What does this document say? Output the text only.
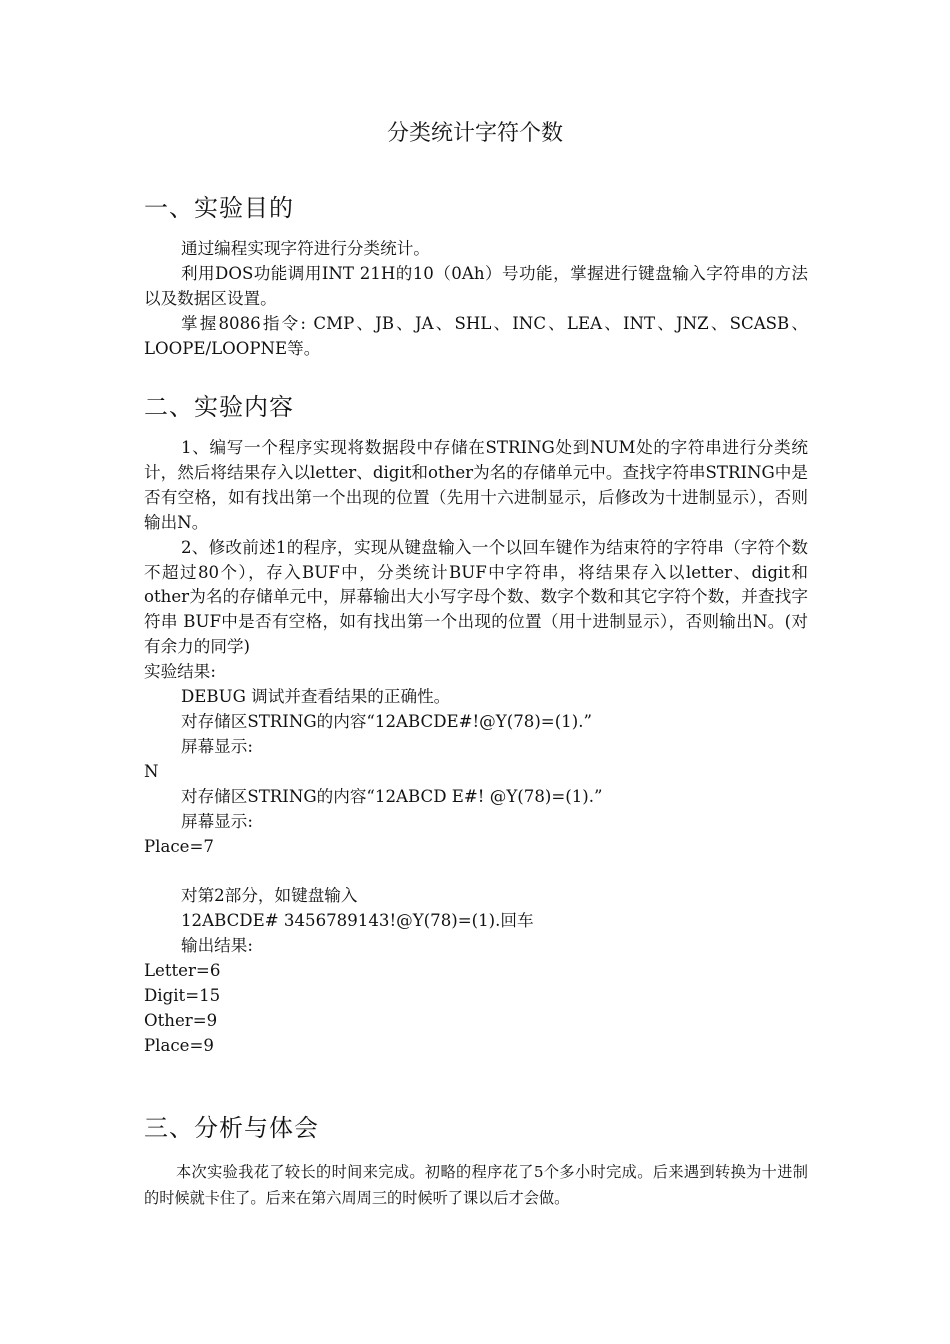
分类统计字符个数
一、实验目的

通过编程实现字符进行分类统计。

利用DOS功能调用INT 21H的10（0Ah）号功能，掌握进行键盘输入字符串的方法以及数据区设置。

掌握8086指令: CMP、JB、JA、SHL、INC、LEA、INT、JNZ、SCASB、LOOPE/LOOPNE等。

二、实验内容

1、编写一个程序实现将数据段中存储在STRING处到NUM处的字符串进行分类统计，然后将结果存入以letter、digit和other为名的存储单元中。查找字符串STRING中是否有空格，如有找出第一个出现的位置（先用十六进制显示，后修改为十进制显示），否则输出N。

2、修改前述1的程序，实现从键盘输入一个以回车键作为结束符的字符串（字符个数不超过80个），存入BUF中，分类统计BUF中字符串，将结果存入以letter、digit和other为名的存储单元中，屏幕输出大小写字母个数、数字个数和其它字符个数，并查找字符串 BUF中是否有空格，如有找出第一个出现的位置（用十进制显示），否则输出N。(对有余力的同学)

实验结果:

DEBUG 调试并查看结果的正确性。

对存储区STRING的内容“12ABCDE#!@Y(78)=(1).”

屏幕显示:

N

对存储区STRING的内容“12ABCD E#! @Y(78)=(1).”

屏幕显示:

Place=7

对第2部分，如键盘输入

12ABCDE# 3456789143!@Y(78)=(1).回车

输出结果:

Letter=6

Digit=15

Other=9

Place=9

三、分析与体会

本次实验我花了较长的时间来完成。初略的程序花了5个多小时完成。后来遇到转换为十进制的时候就卡住了。后来在第六周周三的时候听了课以后才会做。
